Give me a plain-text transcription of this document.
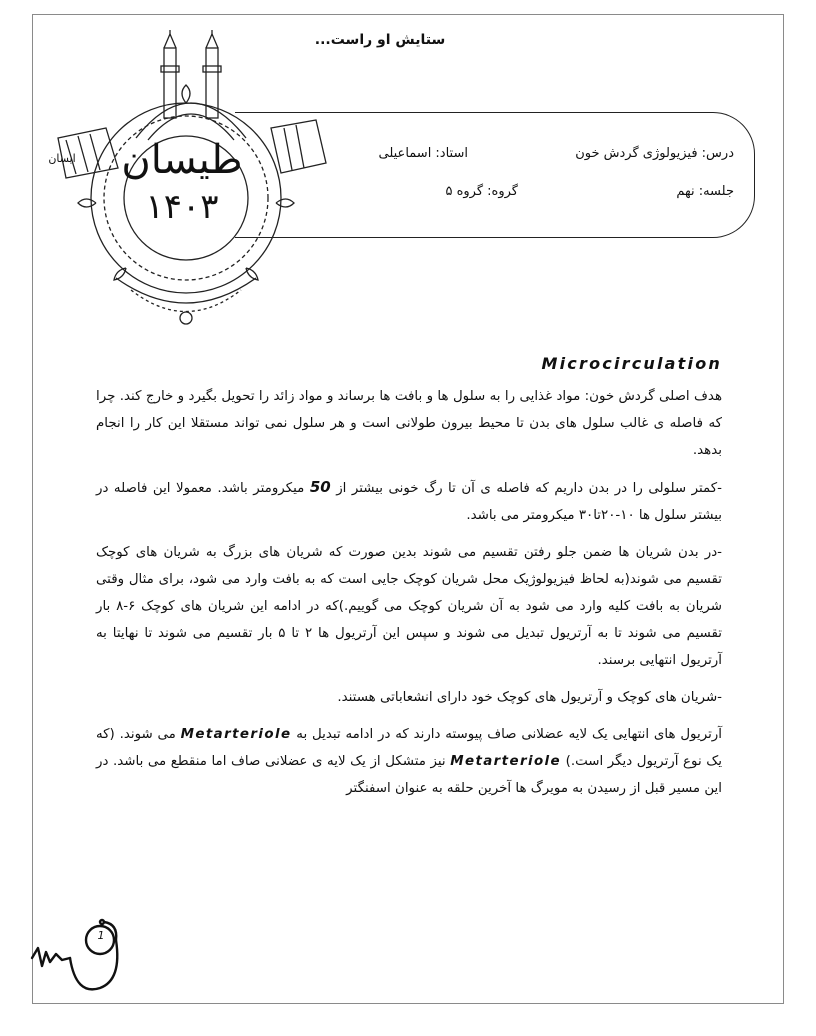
ستایش او راست...
طیسان
۱۴۰۳
ایسان	درس: فیزیولوژی گردش خون
استاد: اسماعیلی
جلسه: نهم
گروه: گروه ۵
Microcirculation

هدف اصلی گردش خون: مواد غذایی را به سلول ها و بافت ها برساند و مواد زائد را تحویل بگیرد و خارج کند. چرا که فاصله ی غالب سلول های بدن تا محیط بیرون طولانی است و هر سلول نمی تواند مستقلا این کار را انجام بدهد.

-کمتر سلولی را در بدن داریم که فاصله ی آن تا رگ خونی بیشتر از 50 میکرومتر باشد. معمولا این فاصله در بیشتر سلول ها ۱۰-۲۰تا۳۰ میکرومتر می باشد.

-در بدن شریان ها ضمن جلو رفتن تقسیم می شوند بدین صورت که شریان های بزرگ به شریان های کوچک تقسیم می شوند(به لحاظ فیزیولوژیک محل شریان کوچک جایی است که به بافت وارد می شود، برای مثال وقتی شریان به بافت کلیه وارد می شود به آن شریان کوچک می گوییم.)که در ادامه این شریان های کوچک ۶-۸ بار تقسیم می شوند تا به آرتریول تبدیل می شوند و سپس این آرتریول ها ۲ تا ۵ بار تقسیم می شوند تا نهایتا به آرتریول انتهایی برسند.

-شریان های کوچک و آرتریول های کوچک خود دارای انشعاباتی هستند.

آرتریول های انتهایی یک لایه عضلانی صاف پیوسته دارند که در ادامه تبدیل به Metarteriole می شوند. (که یک نوع آرتریول دیگر است.) Metarteriole نیز متشکل از یک لایه ی عضلانی صاف اما منقطع می باشد. در این مسیر قبل از رسیدن به مویرگ ها آخرین حلقه به عنوان اسفنگتر

1
